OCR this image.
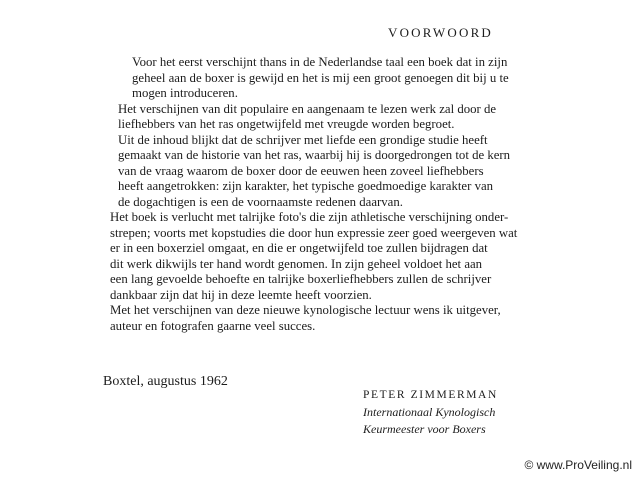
VOORWOORD

Voor het eerst verschijnt thans in de Nederlandse taal een boek dat in zijn
geheel aan de boxer is gewijd en het is mij een groot genoegen dit bij u te
mogen introduceren.

Het verschijnen van dit populaire en aangenaam te lezen werk zal door de
liefhebbers van het ras ongetwijfeld met vreugde worden begroet.

Uit de inhoud blijkt dat de schrijver met liefde een grondige studie heeft
gemaakt van de historie van het ras, waarbij hij is doorgedrongen tot de kern
van de vraag waarom de boxer door de eeuwen heen zoveel liefhebbers
heeft aangetrokken: zijn karakter, het typische goedmoedige karakter van
de dogachtigen is een de voornaamste redenen daarvan.

Het boek is verlucht met talrijke foto's die zijn athletische verschijning onder-
strepen; voorts met kopstudies die door hun expressie zeer goed weergeven wat
er in een boxerziel omgaat, en die er ongetwijfeld toe zullen bijdragen dat
dit werk dikwijls ter hand wordt genomen. In zijn geheel voldoet het aan
een lang gevoelde behoefte en talrijke boxerliefhebbers zullen de schrijver
dankbaar zijn dat hij in deze leemte heeft voorzien.

Met het verschijnen van deze nieuwe kynologische lectuur wens ik uitgever,
auteur en fotografen gaarne veel succes.

Boxtel, augustus 1962
PETER ZIMMERMAN
Internationaal Kynologisch
Keurmeester voor Boxers
© www.ProVeiling.nl
